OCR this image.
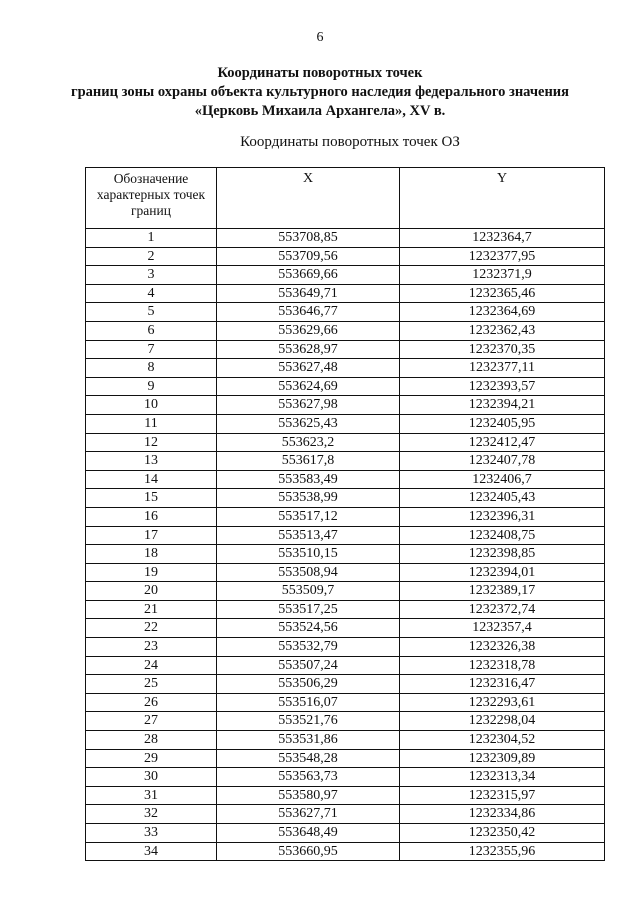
6
Координаты поворотных точек
границ зоны охраны объекта культурного наследия федерального значения
«Церковь Михаила Архангела», XV в.
Координаты поворотных точек ОЗ
Обозначение характерных точек границ	X	Y
1	553708,85	1232364,7
2	553709,56	1232377,95
3	553669,66	1232371,9
4	553649,71	1232365,46
5	553646,77	1232364,69
6	553629,66	1232362,43
7	553628,97	1232370,35
8	553627,48	1232377,11
9	553624,69	1232393,57
10	553627,98	1232394,21
11	553625,43	1232405,95
12	553623,2	1232412,47
13	553617,8	1232407,78
14	553583,49	1232406,7
15	553538,99	1232405,43
16	553517,12	1232396,31
17	553513,47	1232408,75
18	553510,15	1232398,85
19	553508,94	1232394,01
20	553509,7	1232389,17
21	553517,25	1232372,74
22	553524,56	1232357,4
23	553532,79	1232326,38
24	553507,24	1232318,78
25	553506,29	1232316,47
26	553516,07	1232293,61
27	553521,76	1232298,04
28	553531,86	1232304,52
29	553548,28	1232309,89
30	553563,73	1232313,34
31	553580,97	1232315,97
32	553627,71	1232334,86
33	553648,49	1232350,42
34	553660,95	1232355,96
